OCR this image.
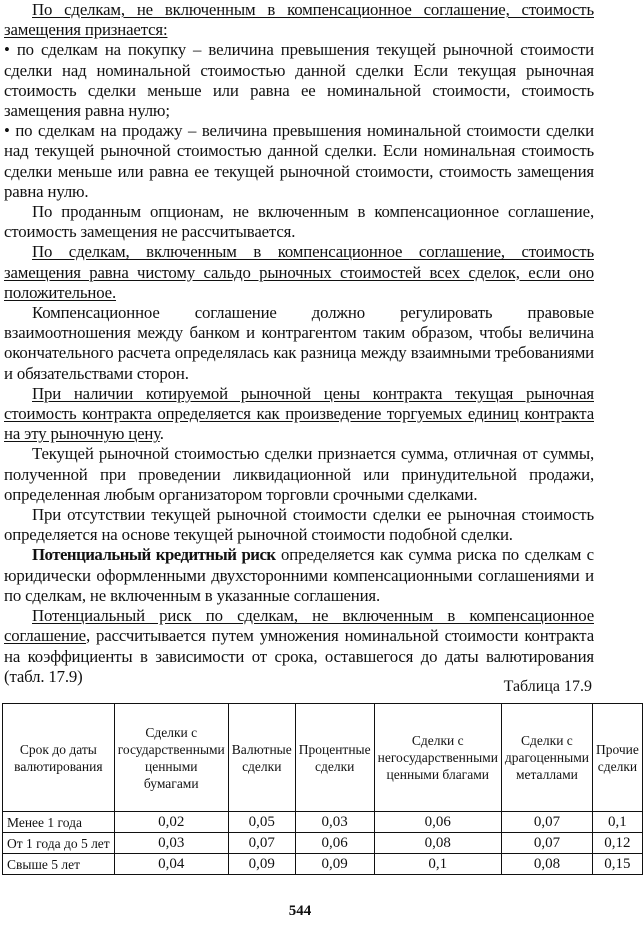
По сделкам, не включенным в компенсационное соглашение, стоимость замещения признается:

• по сделкам на покупку – величина превышения текущей рыночной стоимости сделки над номинальной стоимостью данной сделки Если текущая рыночная стоимость сделки меньше или равна ее номинальной стоимости, стоимость замещения равна нулю;

• по сделкам на продажу – величина превышения номинальной стоимости сделки над текущей рыночной стоимостью данной сделки. Если номинальная стоимость сделки меньше или равна ее текущей рыночной стоимости, стоимость замещения равна нулю.

По проданным опционам, не включенным в компенсационное соглашение, стоимость замещения не рассчитывается.

По сделкам, включенным в компенсационное соглашение, стоимость замещения равна чистому сальдо рыночных стоимостей всех сделок, если оно положительное.

Компенсационное соглашение должно регулировать правовые взаимоотношения между банком и контрагентом таким образом, чтобы величина окончательного расчета определялась как разница между взаимными требованиями и обязательствами сторон.

При наличии котируемой рыночной цены контракта текущая рыночная стоимость контракта определяется как произведение торгуемых единиц контракта на эту рыночную цену.

Текущей рыночной стоимостью сделки признается сумма, отличная от суммы, полученной при проведении ликвидационной или принудительной продажи, определенная любым организатором торговли срочными сделками.

При отсутствии текущей рыночной стоимости сделки ее рыночная стоимость определяется на основе текущей рыночной стоимости подобной сделки.

Потенциальный кредитный риск определяется как сумма риска по сделкам с юридически оформленными двухсторонними компенсационными соглашениями и по сделкам, не включенным в указанные соглашения.

Потенциальный риск по сделкам, не включенным в компенсационное соглашение, рассчитывается путем умножения номинальной стоимости контракта на коэффициенты в зависимости от срока, оставшегося до даты валютирования (табл. 17.9)

Таблица 17.9
Срок до даты валютирования	Сделки с государственными ценными бумагами	Валютные сделки	Процентные сделки	Сделки с негосударственными ценными благами	Сделки с драгоценными металлами	Прочие сделки
Менее 1 года	0,02	0,05	0,03	0,06	0,07	0,1
От 1 года до 5 лет	0,03	0,07	0,06	0,08	0,07	0,12
Свыше 5 лет	0,04	0,09	0,09	0,1	0,08	0,15
544
